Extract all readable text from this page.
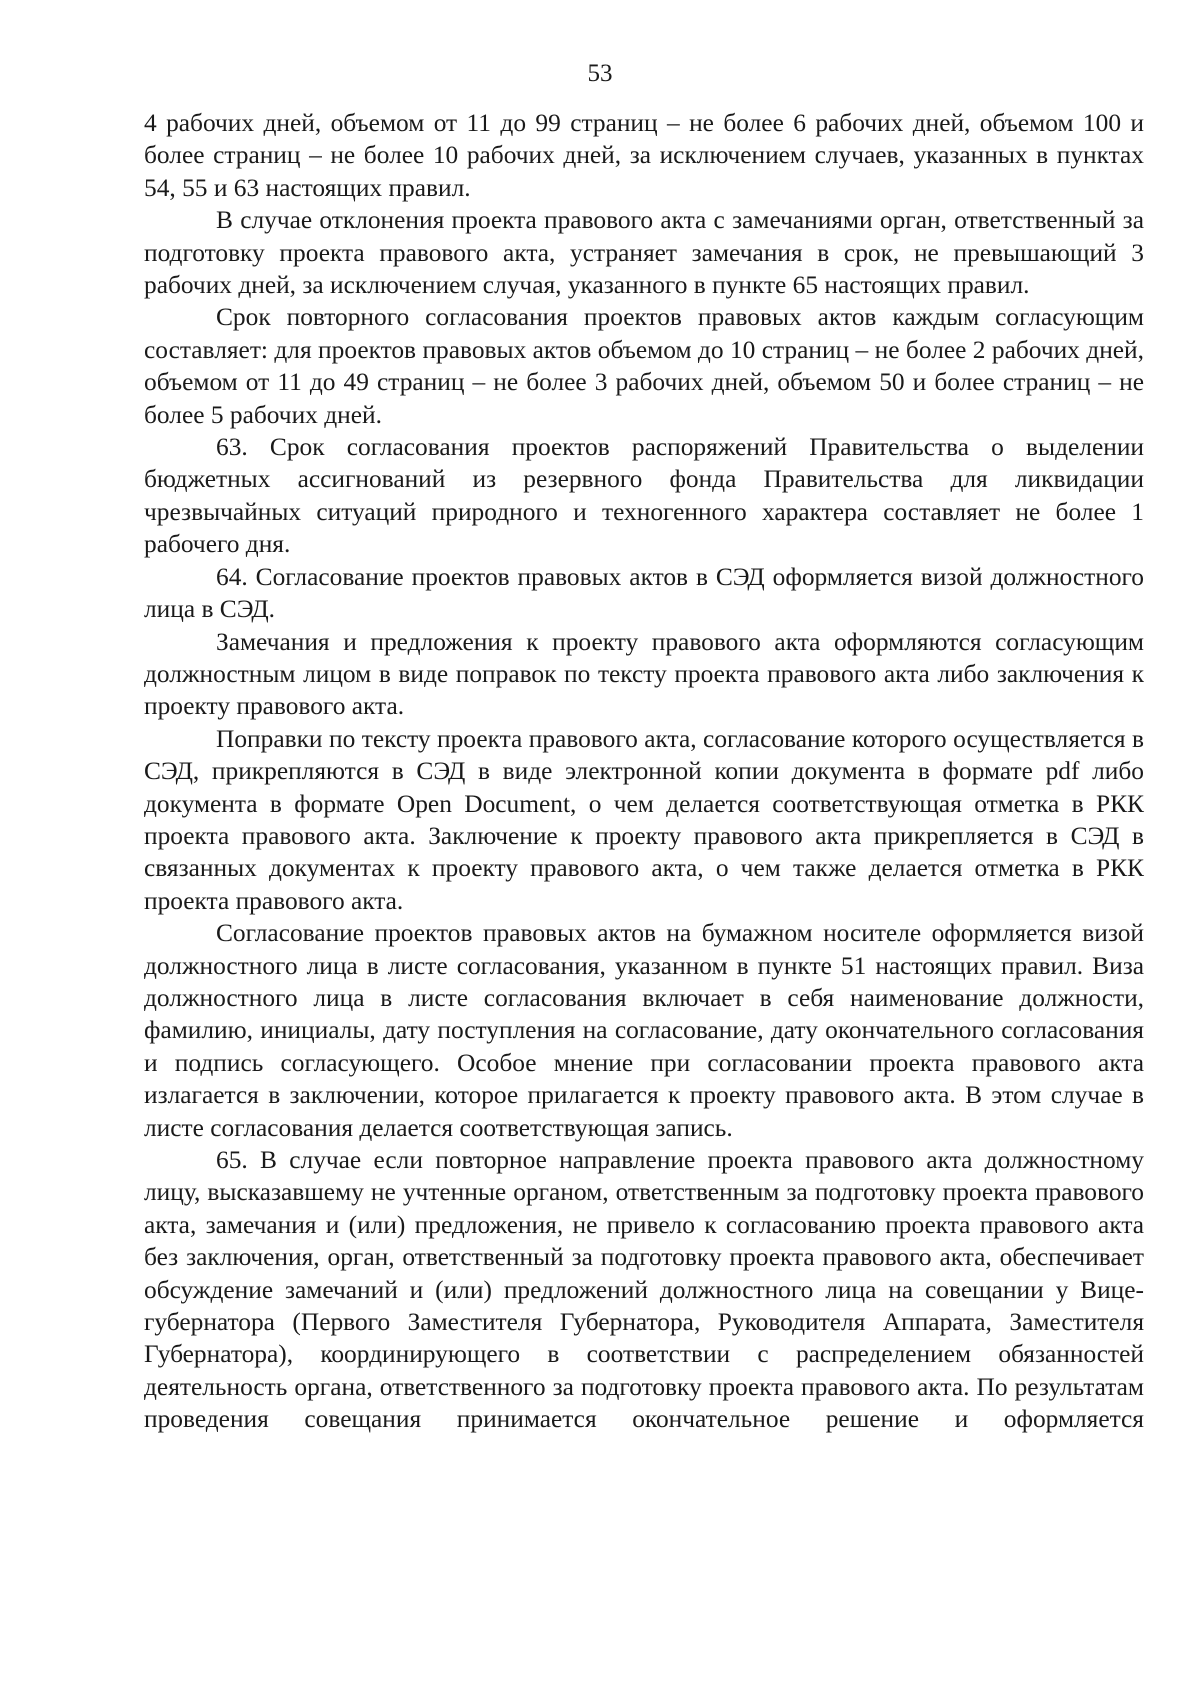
53

4 рабочих дней, объемом от 11 до 99 страниц – не более 6 рабочих дней, объемом 100 и более страниц – не более 10 рабочих дней, за исключением случаев, указанных в пунктах 54, 55 и 63 настоящих правил.

В случае отклонения проекта правового акта с замечаниями орган, ответственный за подготовку проекта правового акта, устраняет замечания в срок, не превышающий 3 рабочих дней, за исключением случая, указанного в пункте 65 настоящих правил.

Срок повторного согласования проектов правовых актов каждым согласующим составляет: для проектов правовых актов объемом до 10 страниц – не более 2 рабочих дней, объемом от 11 до 49 страниц – не более 3 рабочих дней, объемом 50 и более страниц – не более 5 рабочих дней.

63. Срок согласования проектов распоряжений Правительства о выделении бюджетных ассигнований из резервного фонда Правительства для ликвидации чрезвычайных ситуаций природного и техногенного характера составляет не более 1 рабочего дня.

64. Согласование проектов правовых актов в СЭД оформляется визой должностного лица в СЭД.

Замечания и предложения к проекту правового акта оформляются согласующим должностным лицом в виде поправок по тексту проекта правового акта либо заключения к проекту правового акта.

Поправки по тексту проекта правового акта, согласование которого осуществляется в СЭД, прикрепляются в СЭД в виде электронной копии документа в формате pdf либо документа в формате Open Document, о чем делается соответствующая отметка в РКК проекта правового акта. Заключение к проекту правового акта прикрепляется в СЭД в связанных документах к проекту правового акта, о чем также делается отметка в РКК проекта правового акта.

Согласование проектов правовых актов на бумажном носителе оформляется визой должностного лица в листе согласования, указанном в пункте 51 настоящих правил. Виза должностного лица в листе согласования включает в себя наименование должности, фамилию, инициалы, дату поступления на согласование, дату окончательного согласования и подпись согласующего. Особое мнение при согласовании проекта правового акта излагается в заключении, которое прилагается к проекту правового акта. В этом случае в листе согласования делается соответствующая запись.

65. В случае если повторное направление проекта правового акта должностному лицу, высказавшему не учтенные органом, ответственным за подготовку проекта правового акта, замечания и (или) предложения, не привело к согласованию проекта правового акта без заключения, орган, ответственный за подготовку проекта правового акта, обеспечивает обсуждение замечаний и (или) предложений должностного лица на совещании у Вице-губернатора (Первого Заместителя Губернатора, Руководителя Аппарата, Заместителя Губернатора), координирующего в соответствии с распределением обязанностей деятельность органа, ответственного за подготовку проекта правового акта. По результатам проведения совещания принимается окончательное решение и оформляется
